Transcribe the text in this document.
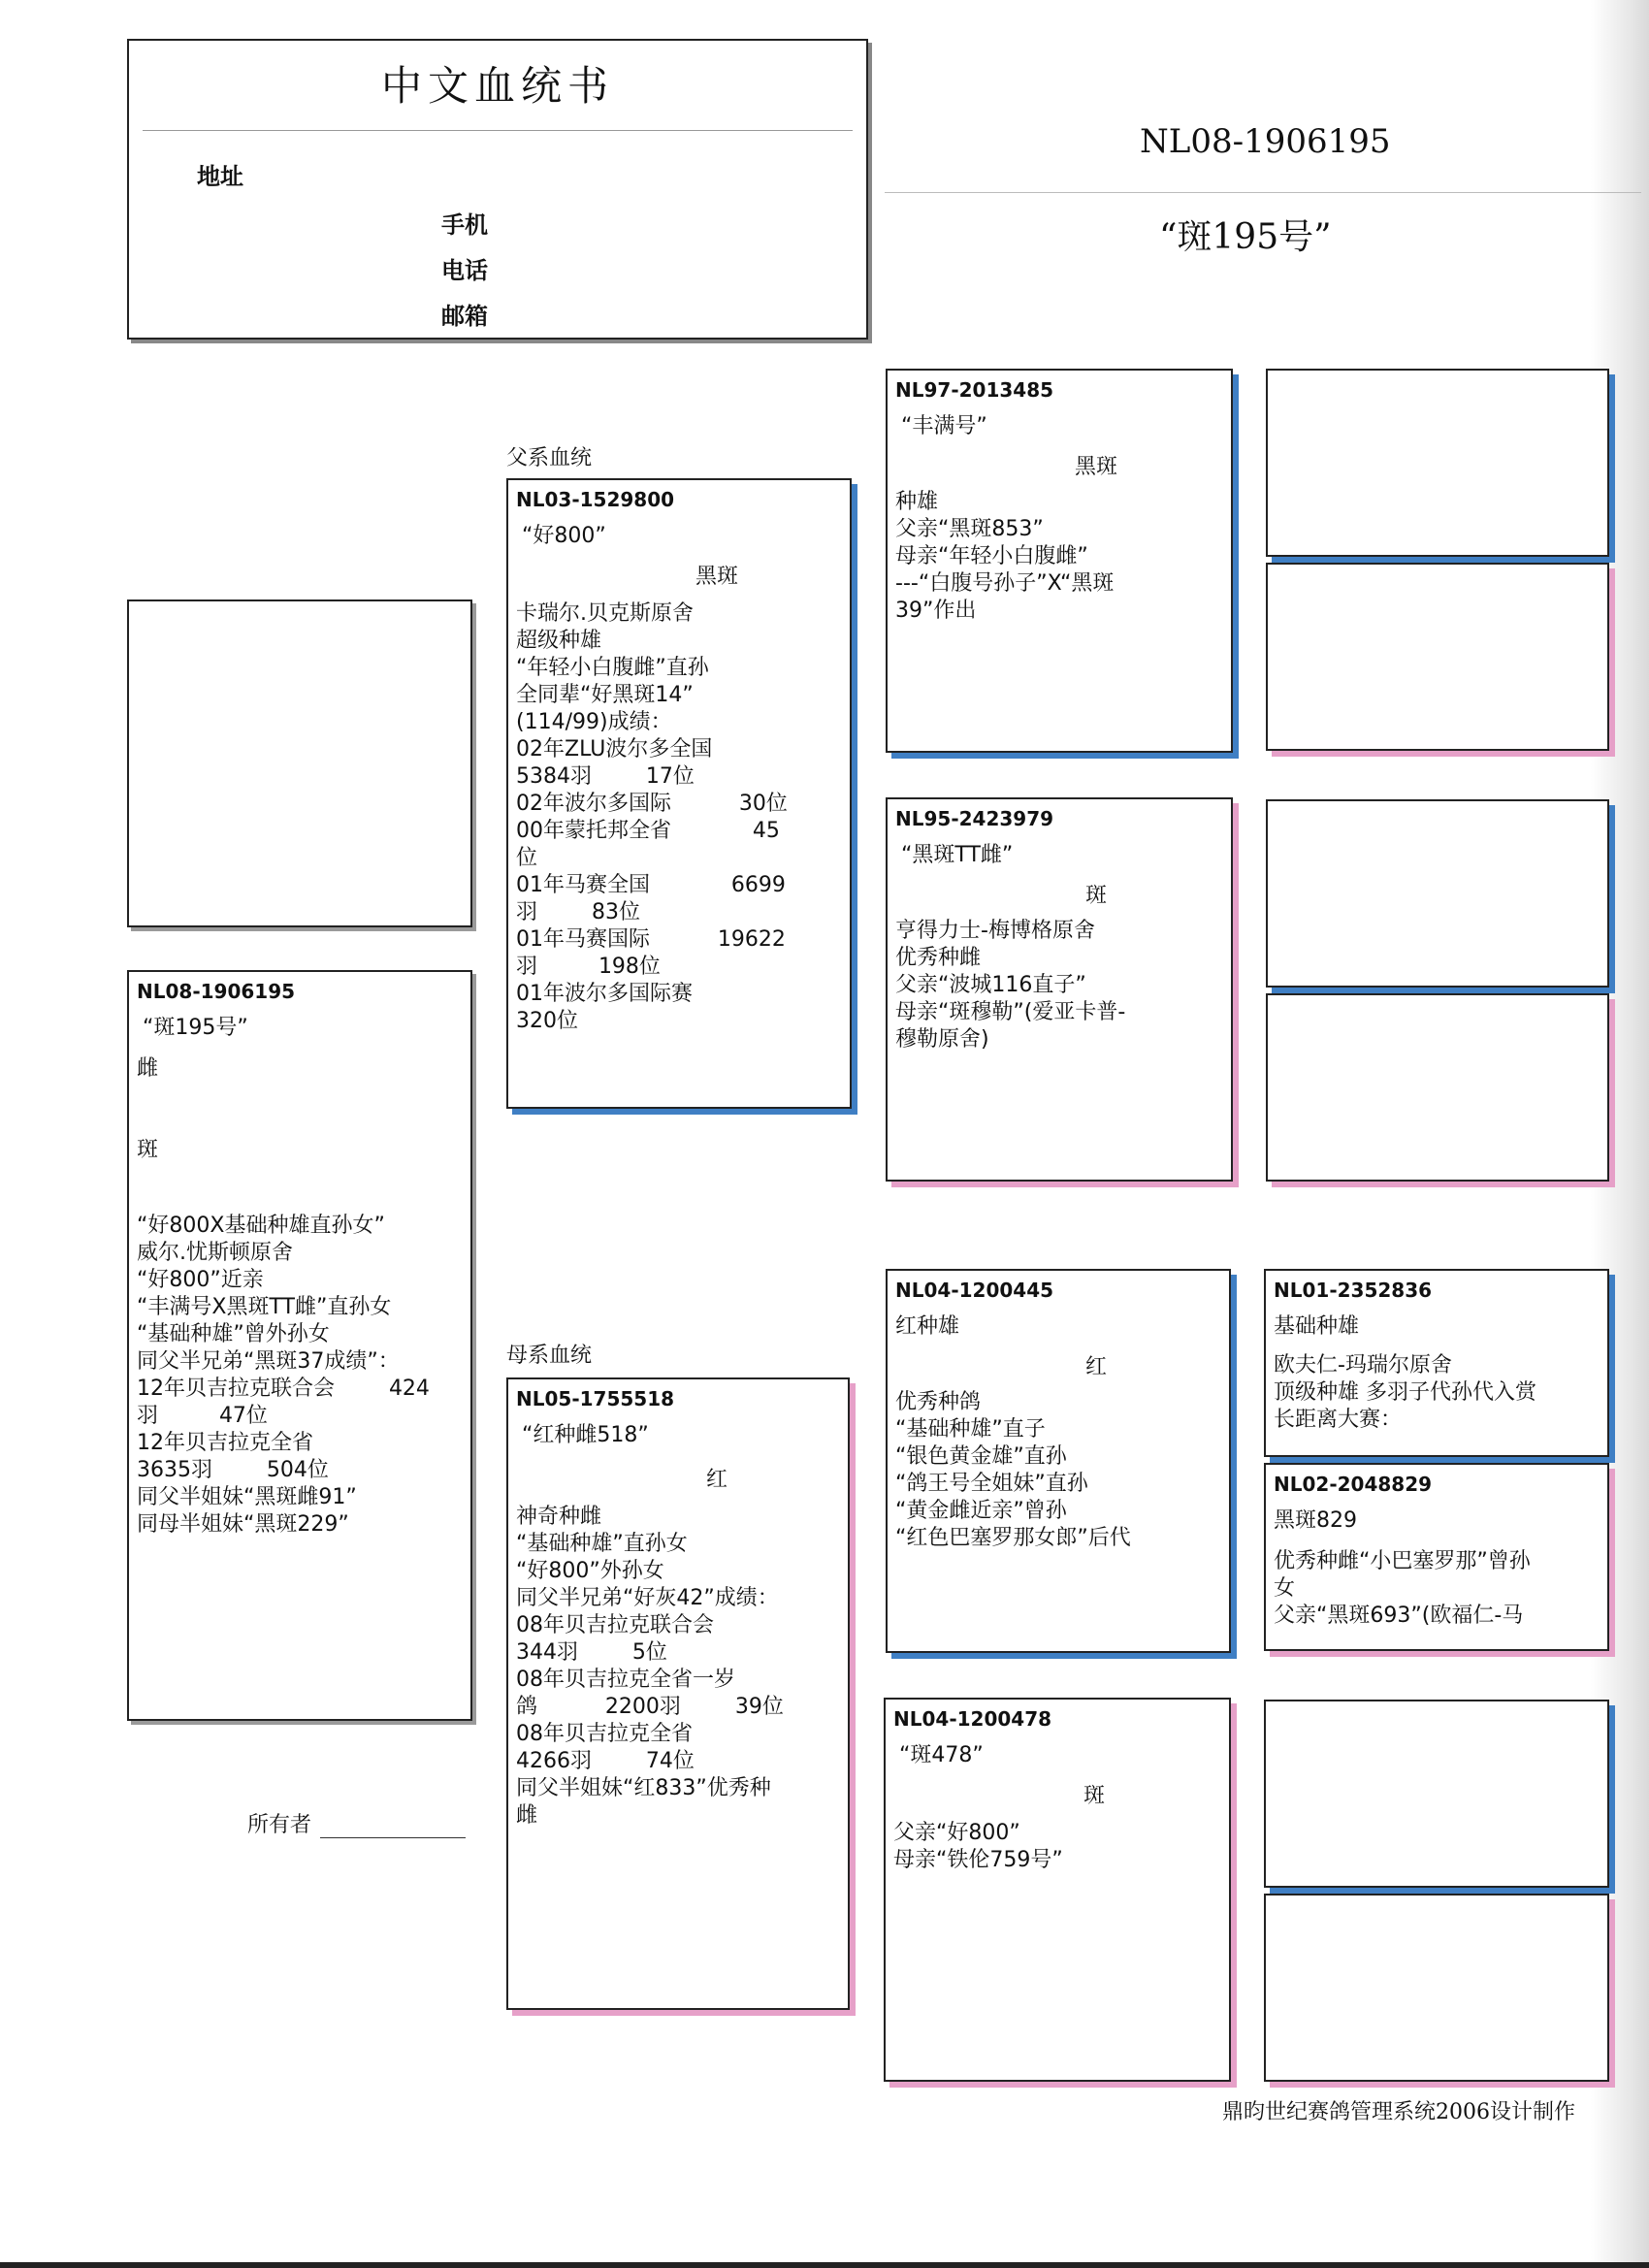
中文血统书
地址
手机
电话
邮箱
NL08-1906195
“斑195号”
NL08-1906195
“斑195号”
雌
斑
“好800X基础种雄直孙女”
威尔.忧斯顿原舍
“好800”近亲
“丰满号X黑斑TT雌”直孙女
“基础种雄”曾外孙女
同父半兄弟“黑斑37成绩”：
12年贝吉拉克联合会        424
羽         47位
12年贝吉拉克全省
3635羽        504位
同父半姐妹“黑斑雌91”
同母半姐妹“黑斑229”
父系血统
NL03-1529800
“好800”
黑斑
卡瑞尔.贝克斯原舍
超级种雄
“年轻小白腹雌”直孙
全同辈“好黑斑14”
(114/99)成绩：
02年ZLU波尔多全国
5384羽        17位
02年波尔多国际          30位
00年蒙托邦全省            45
位
01年马赛全国            6699
羽        83位
01年马赛国际          19622
羽         198位
01年波尔多国际赛
320位
母系血统
NL05-1755518
“红种雌518”
红
神奇种雌
“基础种雄”直孙女
“好800”外孙女
同父半兄弟“好灰42”成绩：
08年贝吉拉克联合会
344羽        5位
08年贝吉拉克全省一岁
鸽          2200羽        39位
08年贝吉拉克全省
4266羽        74位
同父半姐妹“红833”优秀种
雌
NL97-2013485
“丰满号”
黑斑
种雄
父亲“黑斑853”
母亲“年轻小白腹雌”
---“白腹号孙子”X“黑斑
39”作出
NL95-2423979
“黑斑TT雌”
斑
亨得力士-梅博格原舍
优秀种雌
父亲“波城116直子”
母亲“斑穆勒”(爱亚卡普-
穆勒原舍)
NL04-1200445
红种雄
红
优秀种鸽
“基础种雄”直子
“银色黄金雄”直孙
“鸽王号全姐妹”直孙
“黄金雌近亲”曾孙
“红色巴塞罗那女郎”后代
NL04-1200478
“斑478”
斑
父亲“好800”
母亲“铁伦759号”
NL01-2352836
基础种雄
欧夫仁-玛瑞尔原舍
顶级种雄 多羽子代孙代入赏
长距离大赛：

NL02-2048829
黑斑829
优秀种雌“小巴塞罗那”曾孙
女
父亲“黑斑693”(欧福仁-马

所有者
鼎昀世纪赛鸽管理系统2006设计制作
